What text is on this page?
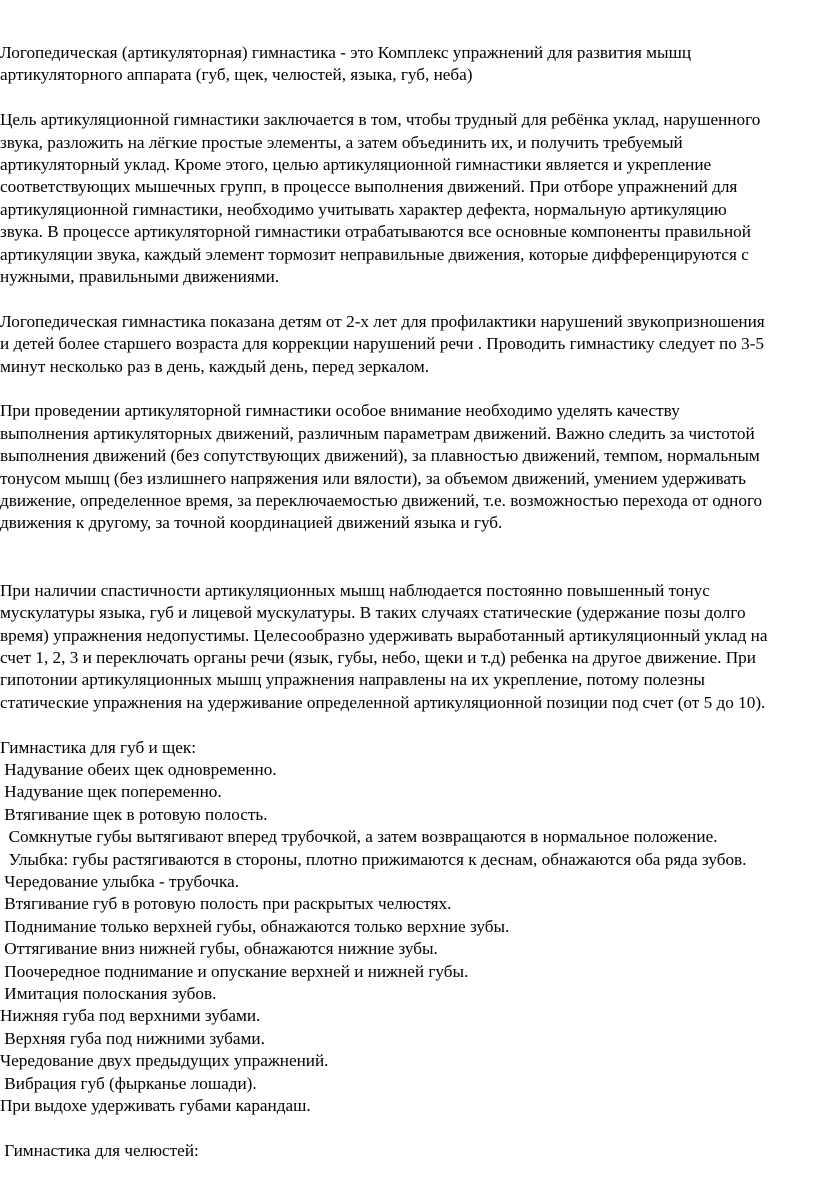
Логопедическая (артикуляторная) гимнастика - это Комплекс упражнений для развития мышц артикуляторного аппарата (губ, щек, челюстей, языка, губ, неба)

Цель артикуляционной гимнастики заключается в том, чтобы трудный для ребёнка уклад, нарушенного звука, разложить на лёгкие простые элементы, а затем объединить их, и получить требуемый артикуляторный уклад. Кроме этого, целью артикуляционной гимнастики является и укрепление соответствующих мышечных групп, в процессе выполнения движений. При отборе упражнений для артикуляционной гимнастики, необходимо учитывать характер дефекта, нормальную артикуляцию звука. В процессе артикуляторной гимнастики отрабатываются все основные компоненты правильной артикуляции звука, каждый элемент тормозит неправильные движения, которые дифференцируются с нужными, правильными движениями.

Логопедическая гимнастика показана детям от 2-х лет для профилактики нарушений звукопризношения и детей более старшего возраста для коррекции нарушений речи . Проводить гимнастику следует по 3-5 минут несколько раз в день, каждый день, перед зеркалом.

При проведении артикуляторной гимнастики особое внимание необходимо уделять качеству выполнения артикуляторных движений, различным параметрам движений. Важно следить за чистотой выполнения движений (без сопутствующих движений), за плавностью движений, темпом, нормальным тонусом мышц (без излишнего напряжения или вялости), за объемом движений, умением удерживать движение, определенное время, за переключаемостью движений, т.е. возможностью перехода от одного движения к другому, за точной координацией движений языка и губ.

При наличии спастичности артикуляционных мышц наблюдается постоянно повышенный тонус мускулатуры языка, губ и лицевой мускулатуры. В таких случаях статические (удержание позы долго время) упражнения недопустимы. Целесообразно удерживать выработанный артикуляционный уклад на счет 1, 2, 3 и переключать органы речи (язык, губы, небо, щеки и т.д) ребенка на другое движение. При гипотонии артикуляционных мышц упражнения направлены на их укрепление, потому полезны статические упражнения на удерживание определенной артикуляционной позиции под счет (от 5 до 10).

Гимнастика для губ и щек:

Надувание обеих щек одновременно.
Надувание щек попеременно.
Втягивание щек в ротовую полость.
Сомкнутые губы вытягивают вперед трубочкой, а затем возвращаются в нормальное положение.
Улыбка: губы растягиваются в стороны, плотно прижимаются к деснам, обнажаются оба ряда зубов.
Чередование улыбка - трубочка.
Втягивание губ в ротовую полость при раскрытых челюстях.
Поднимание только верхней губы, обнажаются только верхние зубы.
Оттягивание вниз нижней губы, обнажаются нижние зубы.
Поочередное поднимание и опускание верхней и нижней губы.
Имитация полоскания зубов.
Нижняя губа под верхними зубами.
Верхняя губа под нижними зубами.
Чередование двух предыдущих упражнений.
Вибрация губ (фырканье лошади).
При выдохе удерживать губами карандаш.

Гимнастика для челюстей:
